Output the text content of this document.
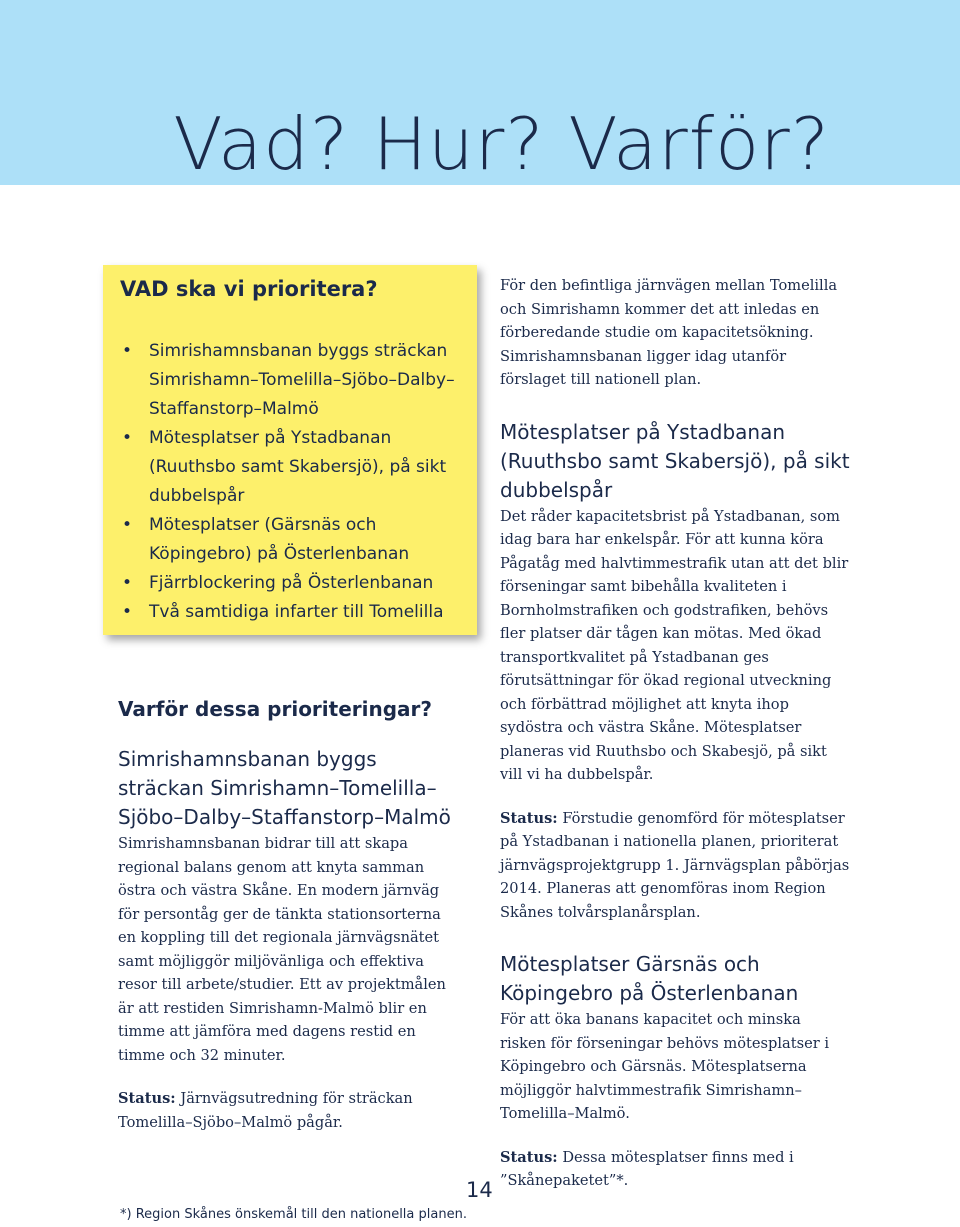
Vad? Hur? Varför?
VAD ska vi prioritera?
• Simrishamnsbanan byggs sträckan Simrishamn–Tomelilla–Sjöbo–Dalby–Staffanstorp–Malmö
• Mötesplatser på Ystadbanan (Ruuthsbo samt Skabersjö), på sikt dubbelspår
• Mötesplatser (Gärsnäs och Köpingebro) på Österlenbanan
• Fjärrblockering på Österlenbanan
• Två samtidiga infarter till Tomelilla
Varför dessa prioriteringar?
Simrishamnsbanan byggs sträckan Simrishamn–Tomelilla–Sjöbo–Dalby–Staffanstorp–Malmö

Simrishamnsbanan bidrar till att skapa regional balans genom att knyta samman östra och västra Skåne. En modern järnväg för persontåg ger de tänkta stationsorterna en koppling till det regionala järnvägsnätet samt möjliggör miljövänliga och effektiva resor till arbete/studier. Ett av projektmålen är att restiden Simrishamn-Malmö blir en timme att jämföra med dagens restid en timme och 32 minuter.

Status: Järnvägsutredning för sträckan Tomelilla–Sjöbo–Malmö pågår.

För den befintliga järnvägen mellan Tomelilla och Simrishamn kommer det att inledas en förberedande studie om kapacitetsökning. Simrishamnsbanan ligger idag utanför förslaget till nationell plan.

Mötesplatser på Ystadbanan (Ruuthsbo samt Skabersjö), på sikt dubbelspår

Det råder kapacitetsbrist på Ystadbanan, som idag bara har enkelspår. För att kunna köra Pågatåg med halvtimmestrafik utan att det blir förseningar samt bibehålla kvaliteten i Bornholmstrafiken och godstrafiken, behövs fler platser där tågen kan mötas. Med ökad transportkvalitet på Ystadbanan ges förutsättningar för ökad regional utveckning och förbättrad möjlighet att knyta ihop sydöstra och västra Skåne. Mötesplatser planeras vid Ruuthsbo och Skabesjö, på sikt vill vi ha dubbelspår.

Status: Förstudie genomförd för mötesplatser på Ystadbanan i nationella planen, prioriterat järnvägsprojektgrupp 1. Järnvägsplan påbörjas 2014. Planeras att genomföras inom Region Skånes tolvårsplanårsplan.

Mötesplatser Gärsnäs och Köpingebro på Österlenbanan

För att öka banans kapacitet och minska risken för förseningar behövs mötesplatser i Köpingebro och Gärsnäs. Mötesplatserna möjliggör halvtimmestrafik Simrishamn–Tomelilla–Malmö.

Status: Dessa mötesplatser finns med i ”Skånepaketet”*.

14
*) Region Skånes önskemål till den nationella planen.
